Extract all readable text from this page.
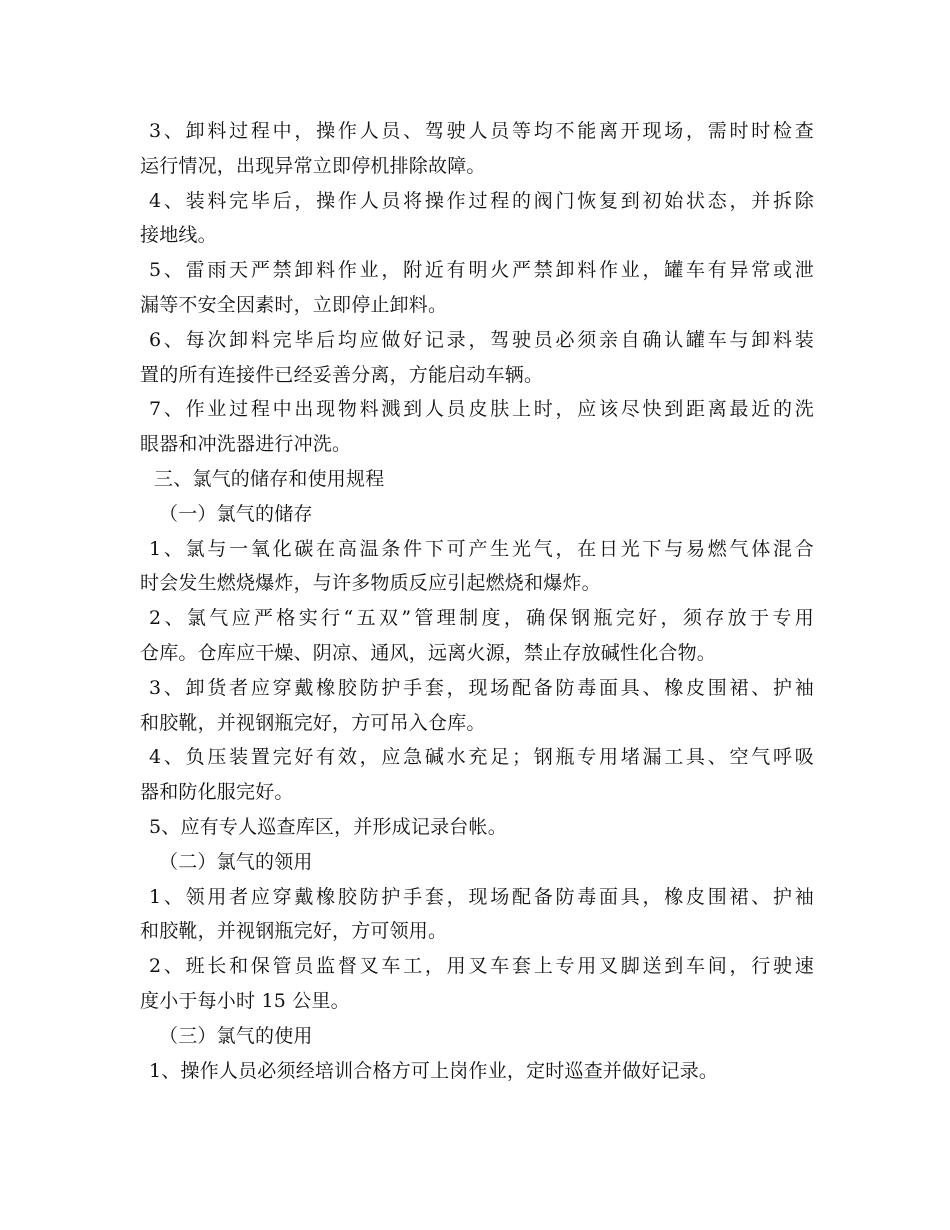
3、卸料过程中，操作人员、驾驶人员等均不能离开现场，需时时检查
运行情况，出现异常立即停机排除故障。
4、装料完毕后，操作人员将操作过程的阀门恢复到初始状态，并拆除
接地线。
5、雷雨天严禁卸料作业，附近有明火严禁卸料作业，罐车有异常或泄
漏等不安全因素时，立即停止卸料。
6、每次卸料完毕后均应做好记录，驾驶员必须亲自确认罐车与卸料装
置的所有连接件已经妥善分离，方能启动车辆。
7、作业过程中出现物料溅到人员皮肤上时，应该尽快到距离最近的洗
眼器和冲洗器进行冲洗。
三、氯气的储存和使用规程
（一）氯气的储存
1、氯与一氧化碳在高温条件下可产生光气，在日光下与易燃气体混合
时会发生燃烧爆炸，与许多物质反应引起燃烧和爆炸。
2、氯气应严格实行“五双”管理制度，确保钢瓶完好，须存放于专用
仓库。仓库应干燥、阴凉、通风，远离火源，禁止存放碱性化合物。
3、卸货者应穿戴橡胶防护手套，现场配备防毒面具、橡皮围裙、护袖
和胶靴，并视钢瓶完好，方可吊入仓库。
4、负压装置完好有效，应急碱水充足；钢瓶专用堵漏工具、空气呼吸
器和防化服完好。
5、应有专人巡查库区，并形成记录台帐。
（二）氯气的领用
1、领用者应穿戴橡胶防护手套，现场配备防毒面具，橡皮围裙、护袖
和胶靴，并视钢瓶完好，方可领用。
2、班长和保管员监督叉车工，用叉车套上专用叉脚送到车间，行驶速
度小于每小时 15 公里。
（三）氯气的使用
1、操作人员必须经培训合格方可上岗作业，定时巡查并做好记录。
